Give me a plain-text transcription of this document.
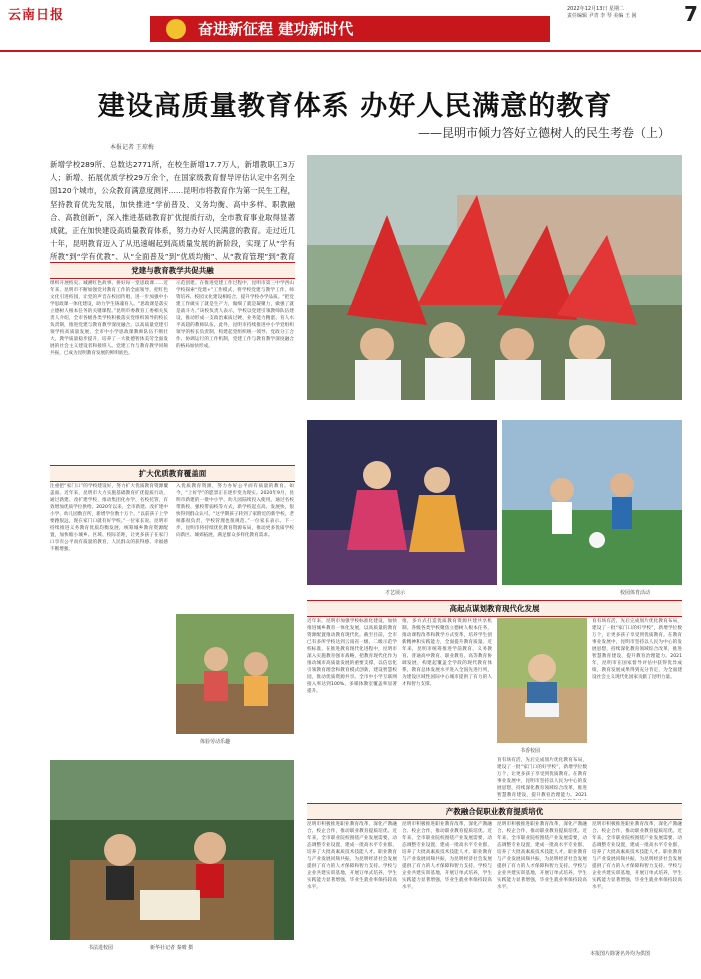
云南日报
奋进新征程 建功新时代
2022年12月13日 星期二
责任编辑 尹青 李 琴 美编 王 囡	7
建设高质量教育体系 办好人民满意的教育
——昆明市倾力答好立德树人的民生考卷（上）
本报记者 王琼梅
新增学校289所、总数达2771所，在校生新增17.7万人，新增教职工3万人；新增、拓展优质学校29万余个，在国家级教育督导评估认定中名列全国120个城市，公众教育满意度测评……昆明市将教育作为第一民生工程，坚持教育优先发展，加快推进“学前普及、义务均衡、高中多样、职教融合、高教创新”，深入推进基础教育扩优提质行动，全市教育事业取得显著成就，正在加快建设高质量教育体系，努力办好人民满意的教育。走过近几十年，昆明教育迈入了从迅速崛起到高质量发展的新阶段，实现了从“学有所教”到“学有优教”、从“全面普及”到“优质均衡”、从“教育管理”到“教育
党建与教育教学共促共融
组织开展校史、城溯红色故事、拼好每一堂思政课……近年来，昆明市不断加强党对教育工作的全面领导，把红色文化引进校园，让党的声音在校园传唱，进一步加强中小学思政课一体化建设，助力学生铸魂育人。“思政课是落实立德树人根本任务的关键课程。”昆明市委教育工委相关负责人介绍，全市各级各类学校积极落实党组织领导的校长负责制，推进党建与教育教学深度融合，以高质量党建引领学校高质量发展，全市中小学思政课教师队伍不断壮大，教学质量稳步提升，培养了一大批德智体美劳全面发展的社会主义建设者和接班人。党建工作与教育教学同频共振，已成为昆明教育发展的鲜明底色。
示范创建。在推进党建工作过程中，昆明市第三中学西山学校探索“党建+”工作模式，将学校党建与教学工作、师资培养、校园文化建设相结合，提升学校办学品质。“把党建工作做实了就是生产力，做细了就是凝聚力，做强了就是战斗力。”该校负责人表示，学校以党建引领教师队伍建设，推动形成一支政治素质过硬、业务能力精湛、育人水平高超的教师队伍。此外，昆明市持续推进中小学党组织领导的校长负责制，构建起党组织统一领导、党政分工合作、协调运行的工作机制，党建工作与教育教学深度融合的格局加快形成。
扩大优质教育覆盖面
注重把“家门口”的学校建设好，努力扩大优质教育资源覆盖面。近年来，昆明市大力实施基础教育扩优提质行动，通过新建、改扩建学校，推动集团化办学、名校托管，有效增加优质学位供给。2020年以来，全市新建、改扩建中小学、幼儿园数百所，新增学位数十万个。“以前孩子上学要跑很远，现在家门口就有好学校。”一位家长说。昆明市持续推进义务教育优质均衡发展，统筹城乡教育资源配置，加快缩小城乡、区域、校际差距，让更多孩子在家门口享有公平而有质量的教育，人民群众的获得感、幸福感不断增强。
入优质教育资源，努力办好公平而有质量的教育。如今，“上好学”的愿景正在逐步变为现实。2020年9月，昆明市新建的一批中小学、幼儿园陆续投入使用。通过名校带新校、强校带弱校等方式，新学校起点高、发展快，很快得到群众认可。“这学期孩子转到了家附近的新学校，老师都很负责，学校管理也很规范。”一位家长表示。下一步，昆明市将持续优化教育资源布局，推动更多优质学校向新区、城郊拓展，满足群众多样化教育需求。
体验劳动乐趣
才艺展示	校园体育活动
高起点谋划教育现代化发展
近年来，昆明市加强学校标准化建设，加快推进城乡教育一体化发展，以高质量的教育资源配置推动教育现代化。截至目前，全市已有多所学校达到云南省一级、二级示范学校标准。在推进教育现代化进程中，昆明市深入实施教育强市战略，把教育现代化作为推动城市高质量发展的重要支撑，以信息化引领教育理念和教育模式创新，建设智慧校园，推动优质资源共享。全市中小学互联网接入率达到100%，多媒体教室覆盖率显著提升。
推，多方式打造优质教育资源共建共享机制。各级各类学校聚焦立德树人根本任务，推动课程改革和教学方式变革，培养学生创新精神和实践能力，全面提升教育质量。近年来，昆明市统筹推进学前教育、义务教育、普通高中教育、职业教育、高等教育协调发展，构建起覆盖全学段的现代教育体系，教育总体发展水平进入全国先进行列，为建设区域性国际中心城市提供了有力的人才和智力支撑。
书香校园
育有场有活，先后完成划片优化教育布局，建设了一批“家门口的好学校”，新增学位数万个，让更多孩子享受到优质教育。在教育事业发展中，昆明市坚持以人民为中心的发展思想，持续深化教育领域综合改革，推进智慧教育建设，提升教育治理能力。2021
育有场有活，先后完成划片优化教育布局，建设了一批“家门口的好学校”，新增学位数万个，让更多孩子享受到优质教育。在教育事业发展中，昆明市坚持以人民为中心的发展思想，持续深化教育领域综合改革，推进智慧教育建设，提升教育治理能力。2021年，昆明市在国家督导评估中获得优异成绩，教育发展成果得到充分肯定，为全面建设社会主义现代化国家贡献了昆明力量。
产教融合促职业教育提质培优
书法进校园	新华社记者 秦晴 摄
昆明市积极推进职业教育改革，深化产教融合、校企合作，推动职业教育提质培优。近年来，全市职业院校围绕产业发展需要，动态调整专业设置，建成一批高水平专业群，培养了大批高素质技术技能人才。职业教育与产业发展同频共振，为昆明经济社会发展提供了有力的人才保障和智力支持。学校与企业共建实训基地，开展订单式培养，学生实践能力显著增强，毕业生就业率保持较高水平。
昆明市积极推进职业教育改革，深化产教融合、校企合作，推动职业教育提质培优。近年来，全市职业院校围绕产业发展需要，动态调整专业设置，建成一批高水平专业群，培养了大批高素质技术技能人才。职业教育与产业发展同频共振，为昆明经济社会发展提供了有力的人才保障和智力支持。学校与企业共建实训基地，开展订单式培养，学生实践能力显著增强，毕业生就业率保持较高水平。
昆明市积极推进职业教育改革，深化产教融合、校企合作，推动职业教育提质培优。近年来，全市职业院校围绕产业发展需要，动态调整专业设置，建成一批高水平专业群，培养了大批高素质技术技能人才。职业教育与产业发展同频共振，为昆明经济社会发展提供了有力的人才保障和智力支持。学校与企业共建实训基地，开展订单式培养，学生实践能力显著增强，毕业生就业率保持较高水平。
昆明市积极推进职业教育改革，深化产教融合、校企合作，推动职业教育提质培优。近年来，全市职业院校围绕产业发展需要，动态调整专业设置，建成一批高水平专业群，培养了大批高素质技术技能人才。职业教育与产业发展同频共振，为昆明经济社会发展提供了有力的人才保障和智力支持。学校与企业共建实训基地，开展订单式培养，学生实践能力显著增强，毕业生就业率保持较高水平。
本报图片除署名外均为供图
